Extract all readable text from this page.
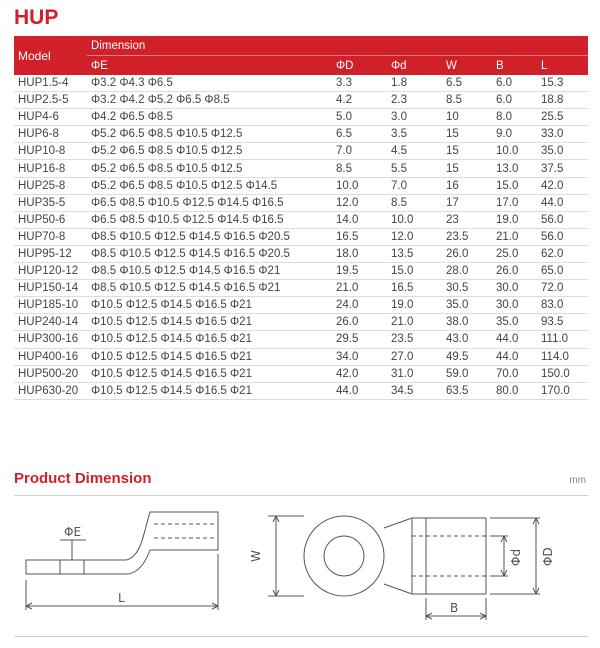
HUP
Model	Dimension					
	ΦE	ΦD	Φd	W	B	L
HUP1.5-4	Φ3.2 Φ4.3 Φ6.5	3.3	1.8	6.5	6.0	15.3
HUP2.5-5	Φ3.2 Φ4.2 Φ5.2 Φ6.5 Φ8.5	4.2	2.3	8.5	6.0	18.8
HUP4-6	Φ4.2 Φ6.5 Φ8.5	5.0	3.0	10	8.0	25.5
HUP6-8	Φ5.2 Φ6.5 Φ8.5 Φ10.5 Φ12.5	6.5	3.5	15	9.0	33.0
HUP10-8	Φ5.2 Φ6.5 Φ8.5 Φ10.5 Φ12.5	7.0	4.5	15	10.0	35.0
HUP16-8	Φ5.2 Φ6.5 Φ8.5 Φ10.5 Φ12.5	8.5	5.5	15	13.0	37.5
HUP25-8	Φ5.2 Φ6.5 Φ8.5 Φ10.5 Φ12.5 Φ14.5	10.0	7.0	16	15.0	42.0
HUP35-5	Φ6.5 Φ8.5 Φ10.5 Φ12.5 Φ14.5 Φ16.5	12.0	8.5	17	17.0	44.0
HUP50-6	Φ6.5 Φ8.5 Φ10.5 Φ12.5 Φ14.5 Φ16.5	14.0	10.0	23	19.0	56.0
HUP70-8	Φ8.5 Φ10.5 Φ12.5 Φ14.5 Φ16.5 Φ20.5	16.5	12.0	23.5	21.0	56.0
HUP95-12	Φ8.5 Φ10.5 Φ12.5 Φ14.5 Φ16.5 Φ20.5	18.0	13.5	26.0	25.0	62.0
HUP120-12	Φ8.5 Φ10.5 Φ12.5 Φ14.5 Φ16.5 Φ21	19.5	15.0	28.0	26.0	65.0
HUP150-14	Φ8.5 Φ10.5 Φ12.5 Φ14.5 Φ16.5 Φ21	21.0	16.5	30.5	30.0	72.0
HUP185-10	Φ10.5 Φ12.5 Φ14.5 Φ16.5 Φ21	24.0	19.0	35.0	30.0	83.0
HUP240-14	Φ10.5 Φ12.5 Φ14.5 Φ16.5 Φ21	26.0	21.0	38.0	35.0	93.5
HUP300-16	Φ10.5 Φ12.5 Φ14.5 Φ16.5 Φ21	29.5	23.5	43.0	44.0	111.0
HUP400-16	Φ10.5 Φ12.5 Φ14.5 Φ16.5 Φ21	34.0	27.0	49.5	44.0	114.0
HUP500-20	Φ10.5 Φ12.5 Φ14.5 Φ16.5 Φ21	42.0	31.0	59.0	70.0	150.0
HUP630-20	Φ10.5 Φ12.5 Φ14.5 Φ16.5 Φ21	44.0	34.5	63.5	80.0	170.0
Product Dimension	mm
ΦE
L
W	Φd ΦD
B
